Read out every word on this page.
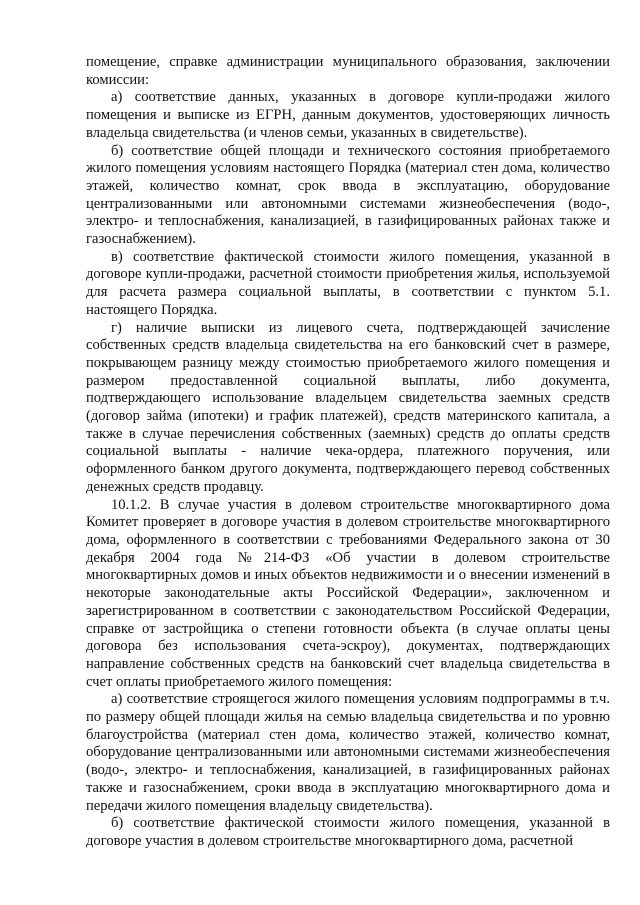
помещение, справке администрации муниципального образования, заключении комиссии:

а) соответствие данных, указанных в договоре купли-продажи жилого помещения и выписке из ЕГРН, данным документов, удостоверяющих личность владельца свидетельства (и членов семьи, указанных в свидетельстве).

б) соответствие общей площади и технического состояния приобретаемого жилого помещения условиям настоящего Порядка (материал стен дома, количество этажей, количество комнат, срок ввода в эксплуатацию, оборудование централизованными или автономными системами жизнеобеспечения (водо-, электро- и теплоснабжения, канализацией, в газифицированных районах также и газоснабжением).

в) соответствие фактической стоимости жилого помещения, указанной в договоре купли-продажи, расчетной стоимости приобретения жилья, используемой для расчета размера социальной выплаты, в соответствии с пунктом 5.1. настоящего Порядка.

г) наличие выписки из лицевого счета, подтверждающей зачисление собственных средств владельца свидетельства на его банковский счет в размере, покрывающем разницу между стоимостью приобретаемого жилого помещения и размером предоставленной социальной выплаты, либо документа, подтверждающего использование владельцем свидетельства заемных средств (договор займа (ипотеки) и график платежей), средств материнского капитала, а также в случае перечисления собственных (заемных) средств до оплаты средств социальной выплаты - наличие чека-ордера, платежного поручения, или оформленного банком другого документа, подтверждающего перевод собственных денежных средств продавцу.

10.1.2. В случае участия в долевом строительстве многоквартирного дома Комитет проверяет в договоре участия в долевом строительстве многоквартирного дома, оформленного в соответствии с требованиями Федерального закона от 30 декабря 2004 года №214-ФЗ «Об участии в долевом строительстве многоквартирных домов и иных объектов недвижимости и о внесении изменений в некоторые законодательные акты Российской Федерации», заключенном и зарегистрированном в соответствии с законодательством Российской Федерации, справке от застройщика о степени готовности объекта (в случае оплаты цены договора без использования счета-эскроу), документах, подтверждающих направление собственных средств на банковский счет владельца свидетельства в счет оплаты приобретаемого жилого помещения:

а) соответствие строящегося жилого помещения условиям подпрограммы в т.ч. по размеру общей площади жилья на семью владельца свидетельства и по уровню благоустройства (материал стен дома, количество этажей, количество комнат, оборудование централизованными или автономными системами жизнеобеспечения (водо-, электро- и теплоснабжения, канализацией, в газифицированных районах также и газоснабжением, сроки ввода в эксплуатацию многоквартирного дома и передачи жилого помещения владельцу свидетельства).

б) соответствие фактической стоимости жилого помещения, указанной в договоре участия в долевом строительстве многоквартирного дома, расчетной
